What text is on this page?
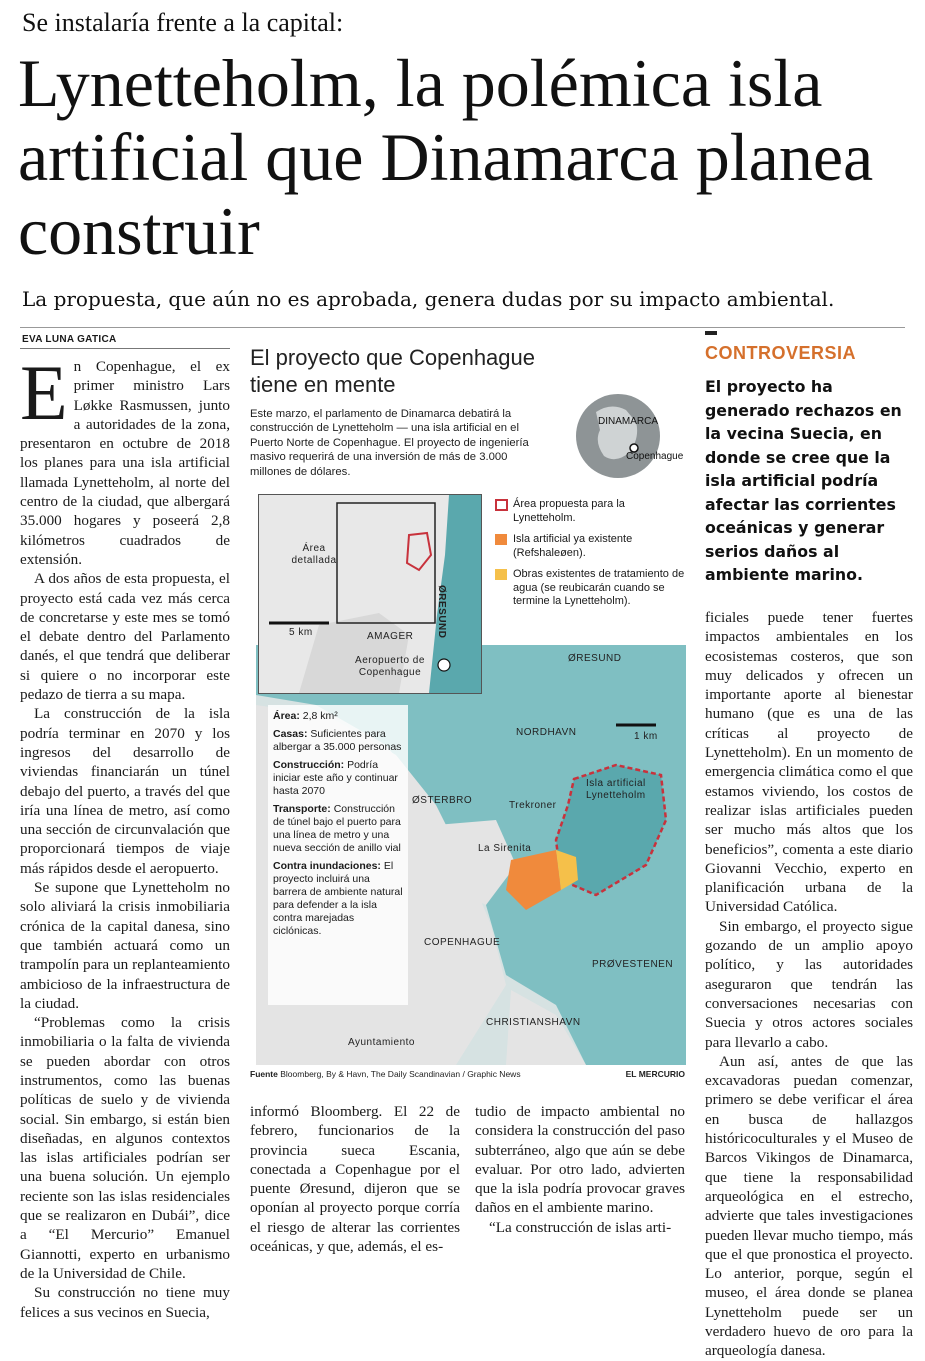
Se instalaría frente a la capital:
Lynetteholm, la polémica isla artificial que Dinamarca planea construir
La propuesta, que aún no es aprobada, genera dudas por su impacto ambiental.
EVA LUNA GATICA

En Copenhague, el ex primer ministro Lars Løkke Rasmussen, junto a autoridades de la zona, presentaron en octubre de 2018 los planes para una isla artificial llamada Lynetteholm, al norte del centro de la ciudad, que albergará 35.000 hogares y poseerá 2,8 kilómetros cuadrados de extensión.

A dos años de esta propuesta, el proyecto está cada vez más cerca de concretarse y este mes se tomó el debate dentro del Parlamento danés, el que tendrá que deliberar si quiere o no incorporar este pedazo de tierra a su mapa.

La construcción de la isla podría terminar en 2070 y los ingresos del desarrollo de viviendas financiarán un túnel debajo del puerto, a través del que iría una línea de metro, así como una sección de circunvalación que proporcionará tiempos de viaje más rápidos desde el aeropuerto.

Se supone que Lynetteholm no solo aliviará la crisis inmobiliaria crónica de la capital danesa, sino que también actuará como un trampolín para un replanteamiento ambicioso de la infraestructura de la ciudad.

“Problemas como la crisis inmobiliaria o la falta de vivienda se pueden abordar con otros instrumentos, como las buenas políticas de suelo y de vivienda social. Sin embargo, si están bien diseñadas, en algunos contextos las islas artificiales podrían ser una buena solución. Un ejemplo reciente son las islas residenciales que se realizaron en Dubái”, dice a “El Mercurio” Emanuel Giannotti, experto en urbanismo de la Universidad de Chile.

Su construcción no tiene muy felices a sus vecinos en Suecia,

El proyecto que Copenhague tiene en mente
Este marzo, el parlamento de Dinamarca debatirá la construcción de Lynetteholm — una isla artificial en el Puerto Norte de Copenhague. El proyecto de ingeniería masivo requerirá de una inversión de más de 3.000 millones de dólares.
DINAMARCA
Copenhague
Área propuesta para la Lynetteholm.
Isla artificial ya existente (Refshaleøen).
Obras existentes de tratamiento de agua (se reubicarán cuando se termine la Lynetteholm).
ØRESUND
NORDHAVN	1 km
Isla artificial Lynetteholm
Trekroner
ØSTERBRO
La Sirenita
COPENHAGUE
PRØVESTENEN
CHRISTIANSHAVN
Ayuntamiento
Área detallada
ØRESUND
AMAGER
Aeropuerto de Copenhague
5 km
Área: 2,8 km²
Casas: Suficientes para albergar a 35.000 personas
Construcción: Podría iniciar este año y continuar hasta 2070
Transporte: Construcción de túnel bajo el puerto para una línea de metro y una nueva sección de anillo vial
Contra inundaciones: El proyecto incluirá una barrera de ambiente natural para defender a la isla contra marejadas ciclónicas.
Fuente Bloomberg, By & Havn, The Daily Scandinavian / Graphic News	EL MERCURIO

informó Bloomberg. El 22 de febrero, funcionarios de la provincia sueca Escania, conectada a Copenhague por el puente Øresund, dijeron que se oponían al proyecto porque corría el riesgo de alterar las corrientes oceánicas, y que, además, el es-

tudio de impacto ambiental no considera la construcción del paso subterráneo, algo que aún se debe evaluar. Por otro lado, advierten que la isla podría provocar graves daños en el ambiente marino.

“La construcción de islas arti-

CONTROVERSIA
El proyecto ha generado rechazos en la vecina Suecia, en donde se cree que la isla artificial podría afectar las corrientes oceánicas y generar serios daños al ambiente marino.

ficiales puede tener fuertes impactos ambientales en los ecosistemas costeros, que son muy delicados y ofrecen un importante aporte al bienestar humano (que es una de las críticas al proyecto de Lynetteholm). En un momento de emergencia climática como el que estamos viviendo, los costos de realizar islas artificiales pueden ser mucho más altos que los beneficios”, comenta a este diario Giovanni Vecchio, experto en planificación urbana de la Universidad Católica.

Sin embargo, el proyecto sigue gozando de un amplio apoyo político, y las autoridades aseguraron que tendrán las conversaciones necesarias con Suecia y otros actores sociales para llevarlo a cabo.

Aun así, antes de que las excavadoras puedan comenzar, primero se debe verificar el área en busca de hallazgos históricoculturales y el Museo de Barcos Vikingos de Dinamarca, que tiene la responsabilidad arqueológica en el estrecho, advierte que tales investigaciones pueden llevar mucho tiempo, más que el que pronostica el proyecto. Lo anterior, porque, según el museo, el área donde se planea Lynetteholm puede ser un verdadero huevo de oro para la arqueología danesa.
